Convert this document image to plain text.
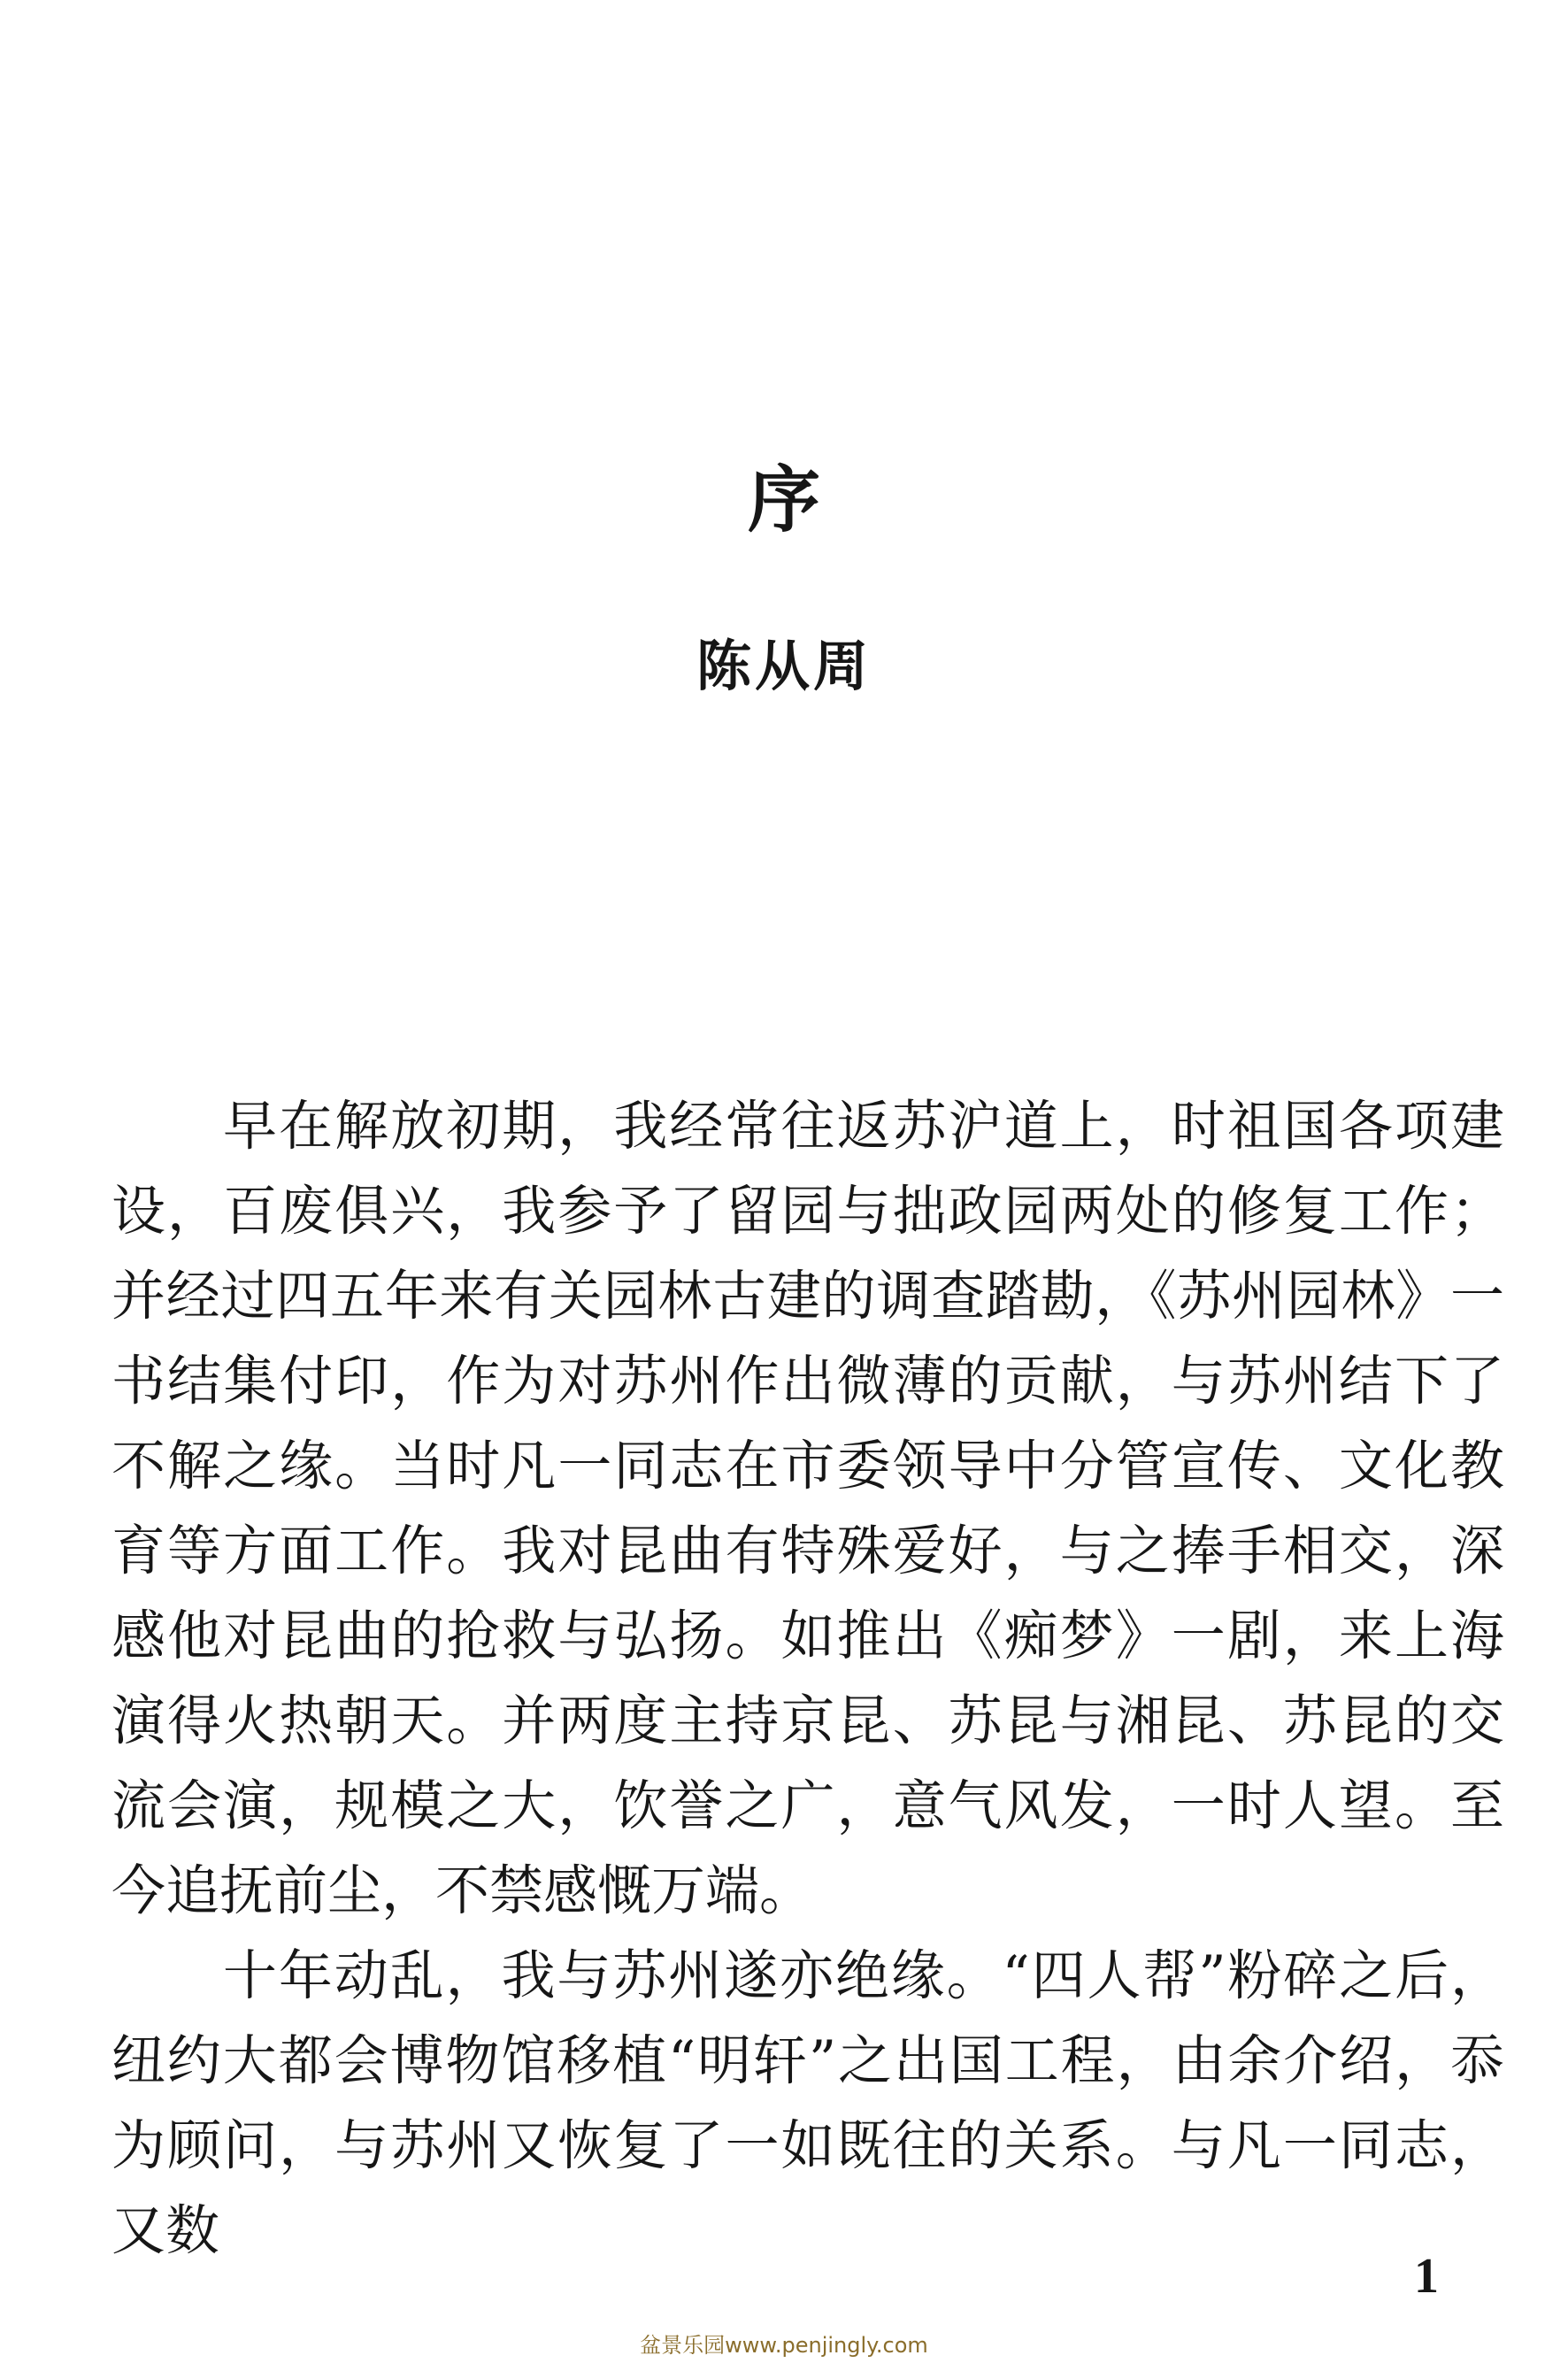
序
陈从周

早在解放初期，我经常往返苏沪道上，时祖国各项建设，百废俱兴，我参予了留园与拙政园两处的修复工作；并经过四五年来有关园林古建的调查踏勘，《苏州园林》一书结集付印，作为对苏州作出微薄的贡献，与苏州结下了不解之缘。当时凡一同志在市委领导中分管宣传、文化教育等方面工作。我对昆曲有特殊爱好，与之捧手相交，深感他对昆曲的抢救与弘扬。如推出《痴梦》一剧，来上海演得火热朝天。并两度主持京昆、苏昆与湘昆、苏昆的交流会演，规模之大，饮誉之广，意气风发，一时人望。至今追抚前尘，不禁感慨万端。

十年动乱，我与苏州遂亦绝缘。“四人帮”粉碎之后，纽约大都会博物馆移植“明轩”之出国工程，由余介绍，忝为顾问，与苏州又恢复了一如既往的关系。与凡一同志，又数

1
盆景乐园www.penjingly.com
